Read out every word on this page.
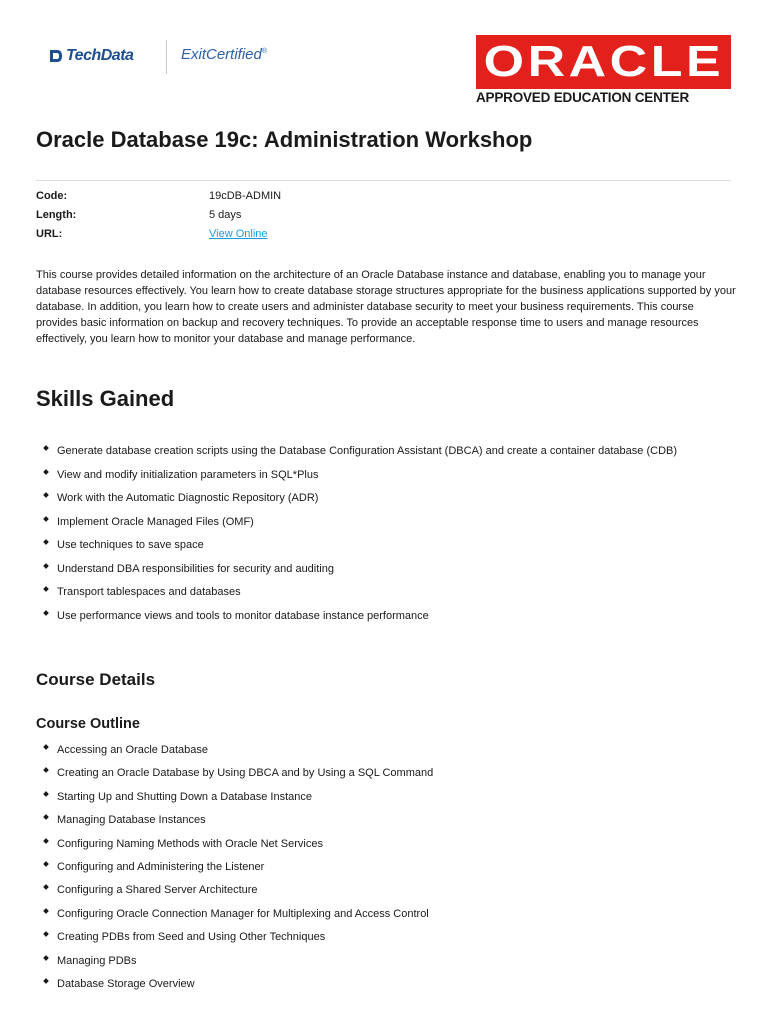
TechData	ExitCertified®	ORACLE
APPROVED EDUCATION CENTER
Oracle Database 19c: Administration Workshop
Code:	19cDB-ADMIN
Length:	5 days
URL:	View Online

This course provides detailed information on the architecture of an Oracle Database instance and database, enabling you to manage your database resources effectively. You learn how to create database storage structures appropriate for the business applications supported by your database. In addition, you learn how to create users and administer database security to meet your business requirements. This course provides basic information on backup and recovery techniques. To provide an acceptable response time to users and manage resources effectively, you learn how to monitor your database and manage performance.

Skills Gained
Generate database creation scripts using the Database Configuration Assistant (DBCA) and create a container database (CDB)
View and modify initialization parameters in SQL*Plus
Work with the Automatic Diagnostic Repository (ADR)
Implement Oracle Managed Files (OMF)
Use techniques to save space
Understand DBA responsibilities for security and auditing
Transport tablespaces and databases
Use performance views and tools to monitor database instance performance
Course Details
Course Outline
Accessing an Oracle Database
Creating an Oracle Database by Using DBCA and by Using a SQL Command
Starting Up and Shutting Down a Database Instance
Managing Database Instances
Configuring Naming Methods with Oracle Net Services
Configuring and Administering the Listener
Configuring a Shared Server Architecture
Configuring Oracle Connection Manager for Multiplexing and Access Control
Creating PDBs from Seed and Using Other Techniques
Managing PDBs
Database Storage Overview
